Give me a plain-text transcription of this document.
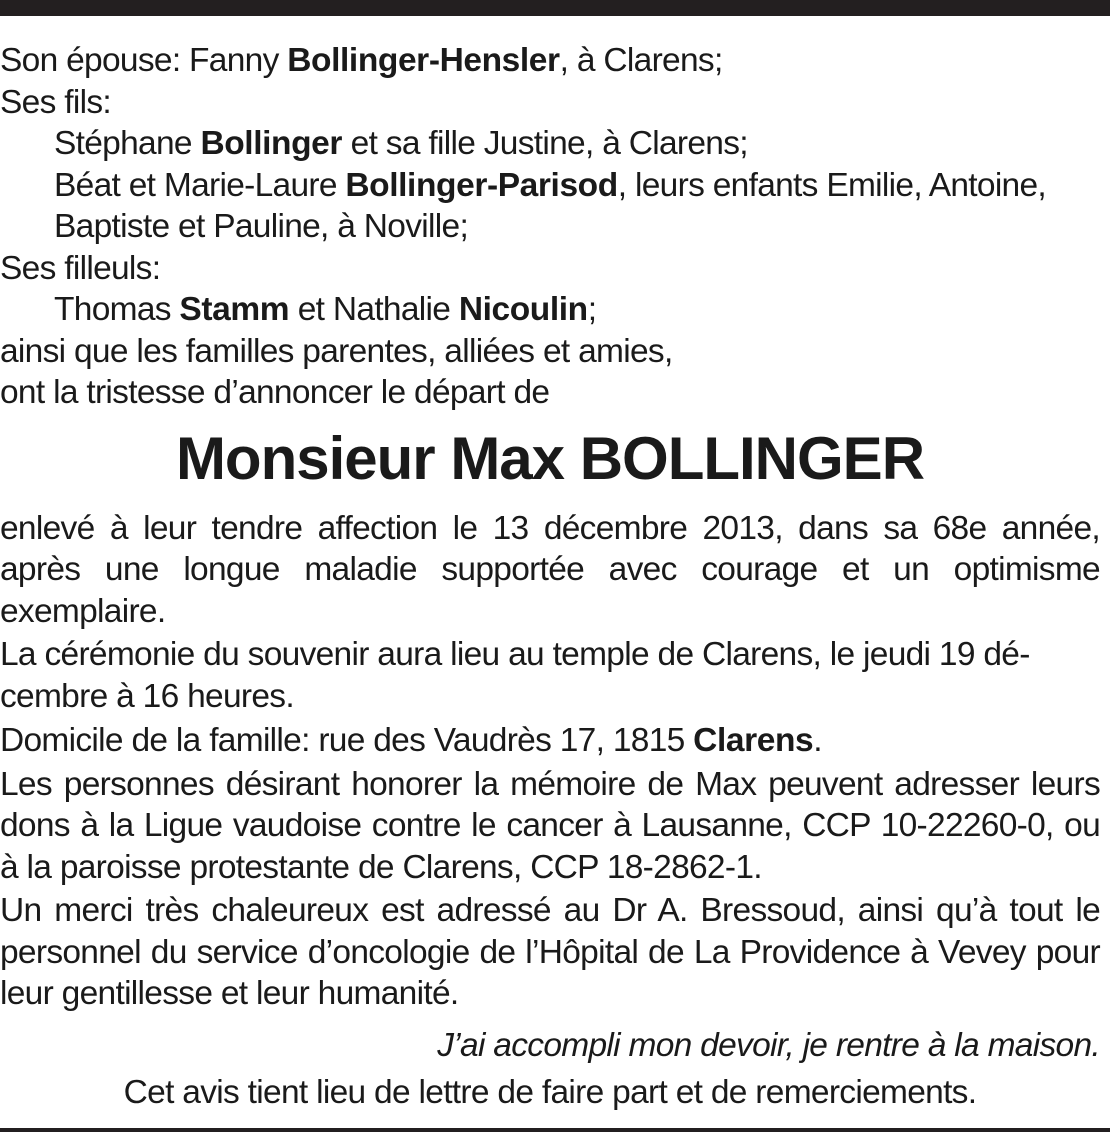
Son épouse: Fanny Bollinger-Hensler, à Clarens;
Ses fils:
Stéphane Bollinger et sa fille Justine, à Clarens;
Béat et Marie-Laure Bollinger-Parisod, leurs enfants Emilie, Antoine,
Baptiste et Pauline, à Noville;
Ses filleuls:
Thomas Stamm et Nathalie Nicoulin;
ainsi que les familles parentes, alliées et amies,
ont la tristesse d’annoncer le départ de
Monsieur Max BOLLINGER
enlevé à leur tendre affection le 13 décembre 2013, dans sa 68e année, après une longue maladie supportée avec courage et un optimisme exemplaire.
La cérémonie du souvenir aura lieu au temple de Clarens, le jeudi 19 dé-
cembre à 16 heures.
Domicile de la famille: rue des Vaudrès 17, 1815 Clarens.
Les personnes désirant honorer la mémoire de Max peuvent adresser leurs dons à la Ligue vaudoise contre le cancer à Lausanne, CCP 10-22260-0, ou à la paroisse protestante de Clarens, CCP 18-2862-1.
Un merci très chaleureux est adressé au Dr A. Bressoud, ainsi qu’à tout le personnel du service d’oncologie de l’Hôpital de La Providence à Vevey pour leur gentillesse et leur humanité.
J’ai accompli mon devoir, je rentre à la maison.
Cet avis tient lieu de lettre de faire part et de remerciements.
